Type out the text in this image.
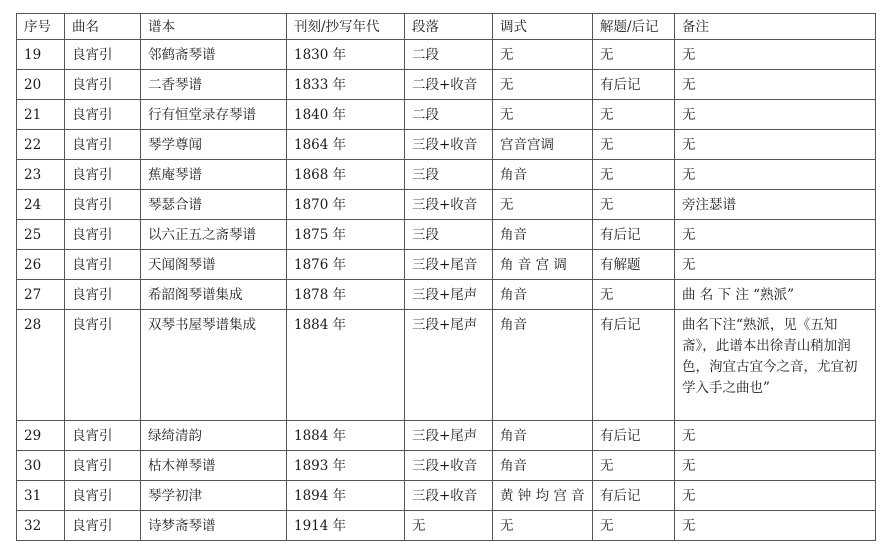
序号	曲名	谱本	刊刻/抄写年代	段落	调式	解题/后记	备注
19	良宵引	邻鹤斋琴谱	1830 年	二段	无	无	无
20	良宵引	二香琴谱	1833 年	二段+收音	无	有后记	无
21	良宵引	行有恒堂录存琴谱	1840 年	二段	无	无	无
22	良宵引	琴学尊闻	1864 年	三段+收音	宫音宫调	无	无
23	良宵引	蕉庵琴谱	1868 年	三段	角音	无	无
24	良宵引	琴瑟合谱	1870 年	三段+收音	无	无	旁注瑟谱
25	良宵引	以六正五之斋琴谱	1875 年	三段	角音	有后记	无
26	良宵引	天闻阁琴谱	1876 年	三段+尾音	角 音 宫 调	有解题	无
27	良宵引	希韶阁琴谱集成	1878 年	三段+尾声	角音	无	曲 名 下 注 “熟派”
28	良宵引	双琴书屋琴谱集成	1884 年	三段+尾声	角音	有后记	曲名下注“熟派，见《五知斋》，此谱本出徐青山稍加润色，洵宜古宜今之音，尤宜初学入手之曲也”
29	良宵引	绿绮清韵	1884 年	三段+尾声	角音	有后记	无
30	良宵引	枯木禅琴谱	1893 年	三段+收音	角音	无	无
31	良宵引	琴学初津	1894 年	三段+收音	黄 钟 均 宫 音	有后记	无
32	良宵引	诗梦斋琴谱	1914 年	无	无	无	无
